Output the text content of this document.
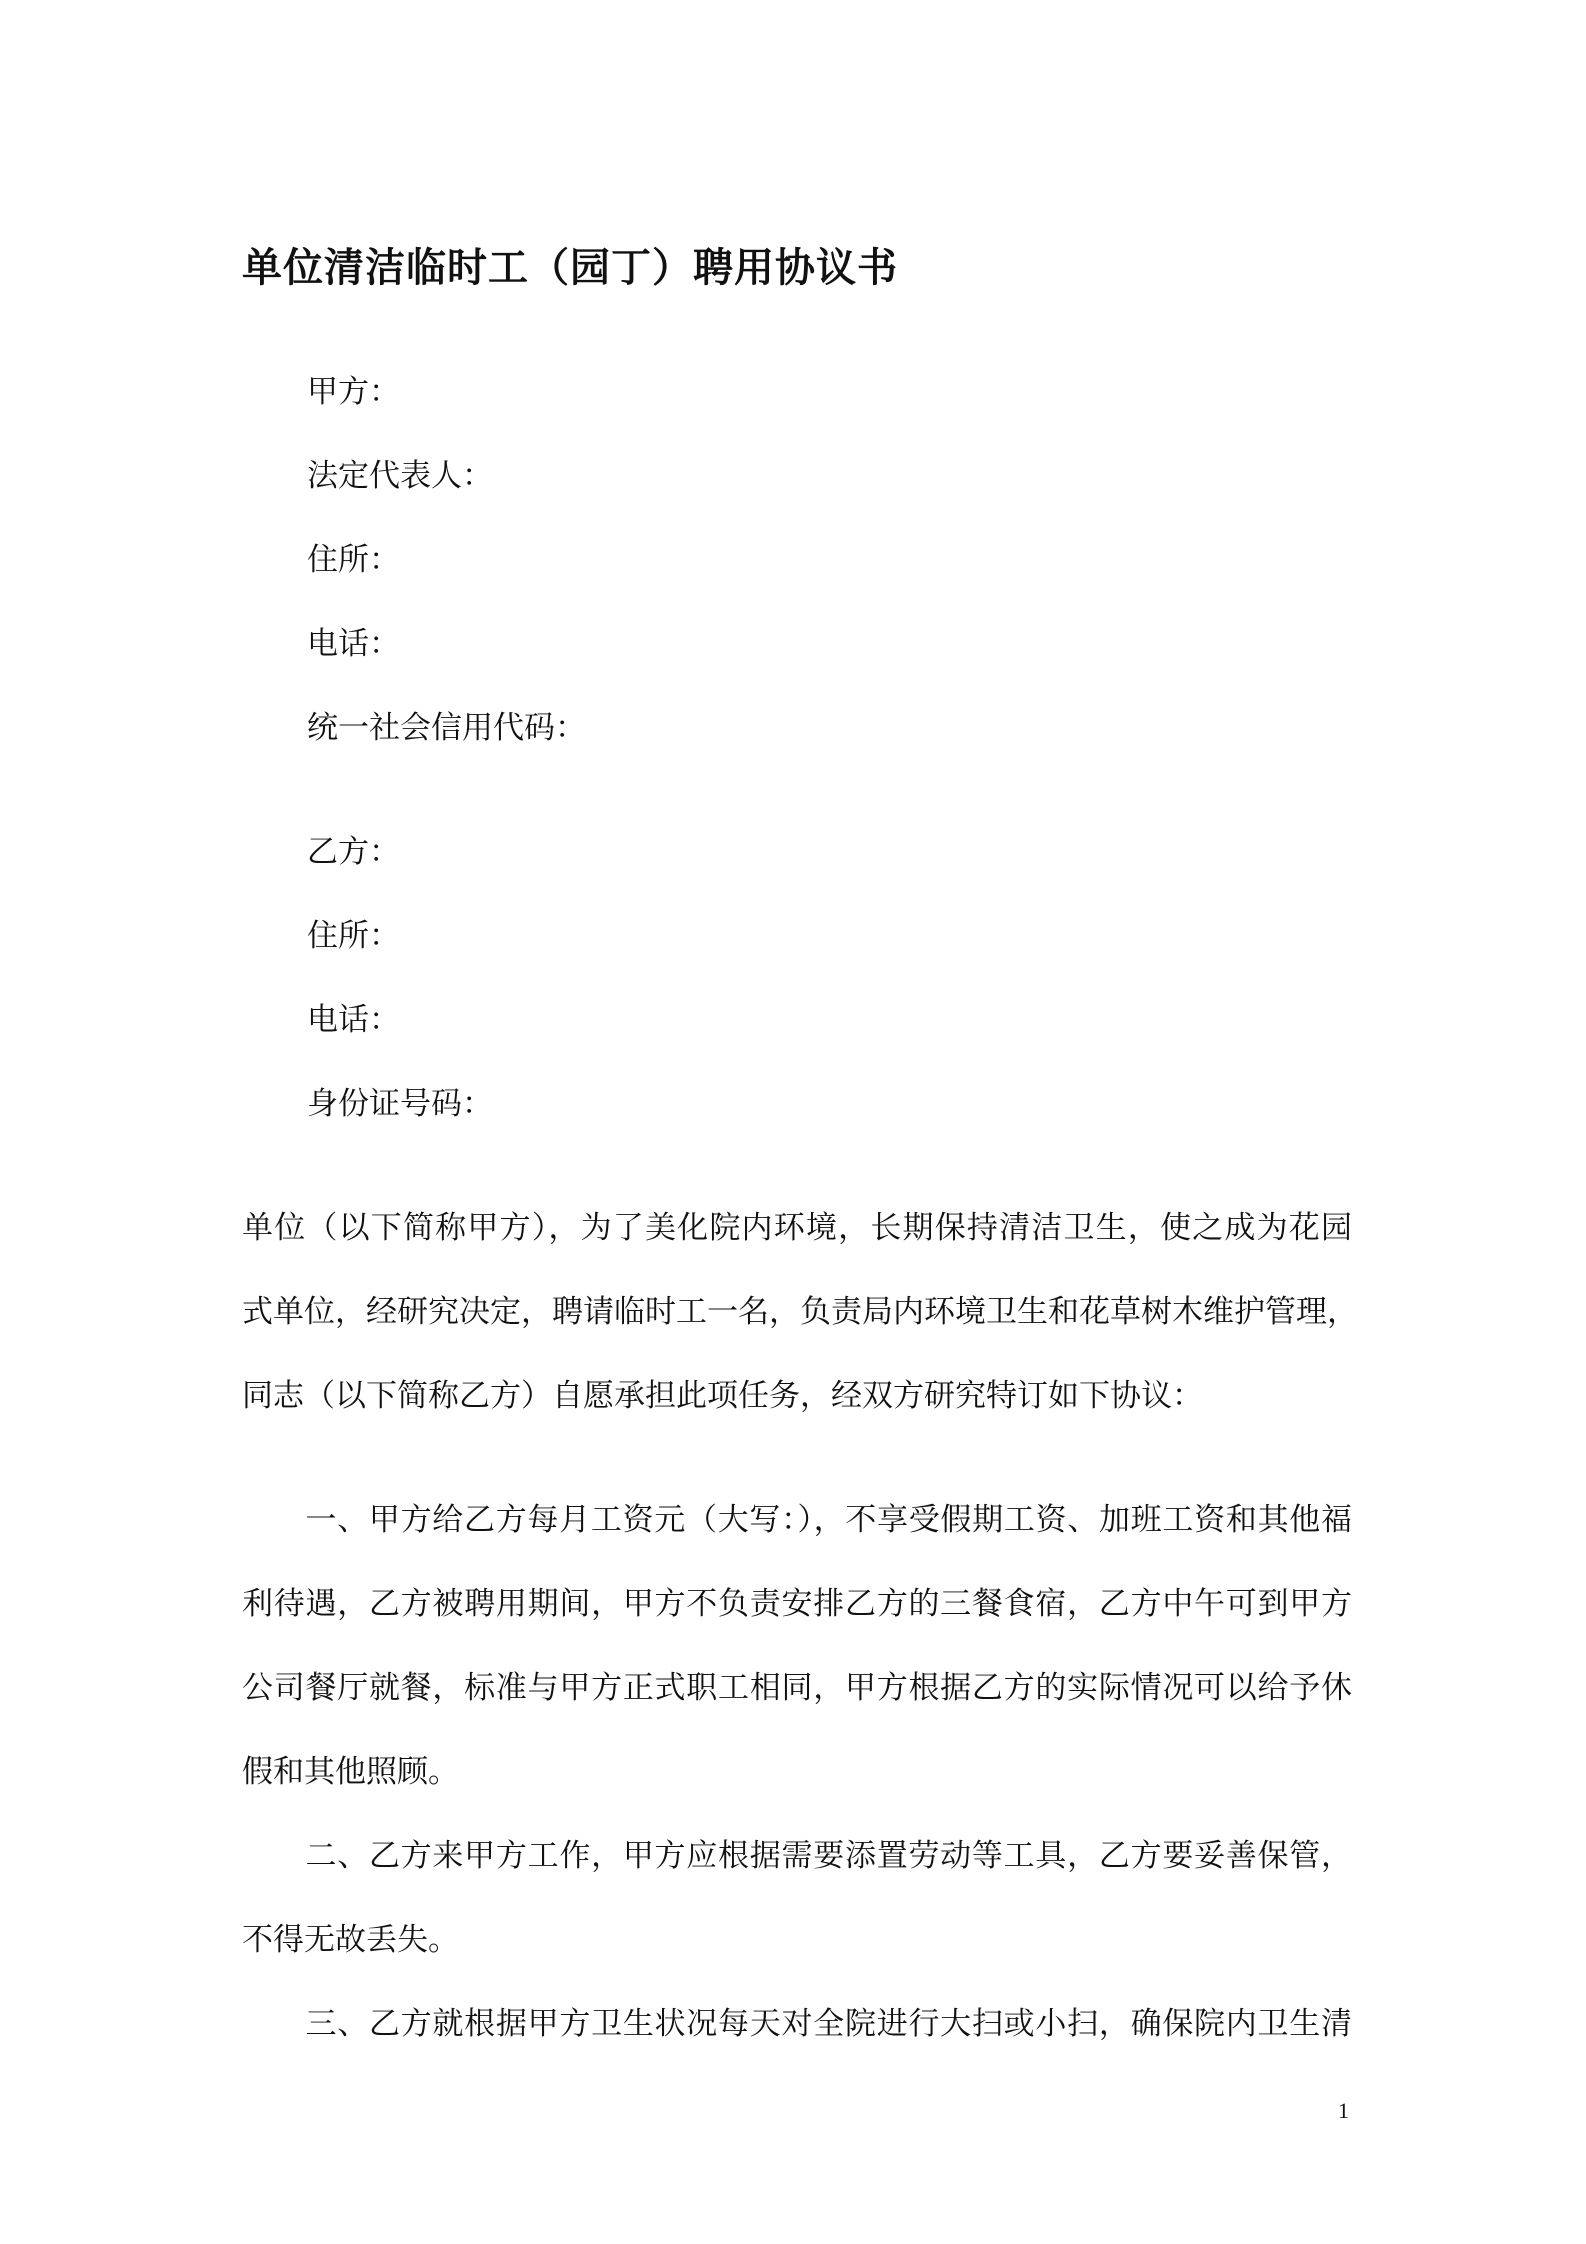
单位清洁临时工（园丁）聘用协议书
甲方：
法定代表人：
住所：
电话：
统一社会信用代码：
乙方：
住所：
电话：
身份证号码：
单位（以下简称甲方），为了美化院内环境，长期保持清洁卫生，使之成为花园
式单位，经研究决定，聘请临时工一名，负责局内环境卫生和花草树木维护管理，
同志（以下简称乙方）自愿承担此项任务，经双方研究特订如下协议：
　　一、甲方给乙方每月工资元（大写：），不享受假期工资、加班工资和其他福
利待遇，乙方被聘用期间，甲方不负责安排乙方的三餐食宿，乙方中午可到甲方
公司餐厅就餐，标准与甲方正式职工相同，甲方根据乙方的实际情况可以给予休
假和其他照顾。
　　二、乙方来甲方工作，甲方应根据需要添置劳动等工具，乙方要妥善保管，
不得无故丢失。
　　三、乙方就根据甲方卫生状况每天对全院进行大扫或小扫，确保院内卫生清
1
